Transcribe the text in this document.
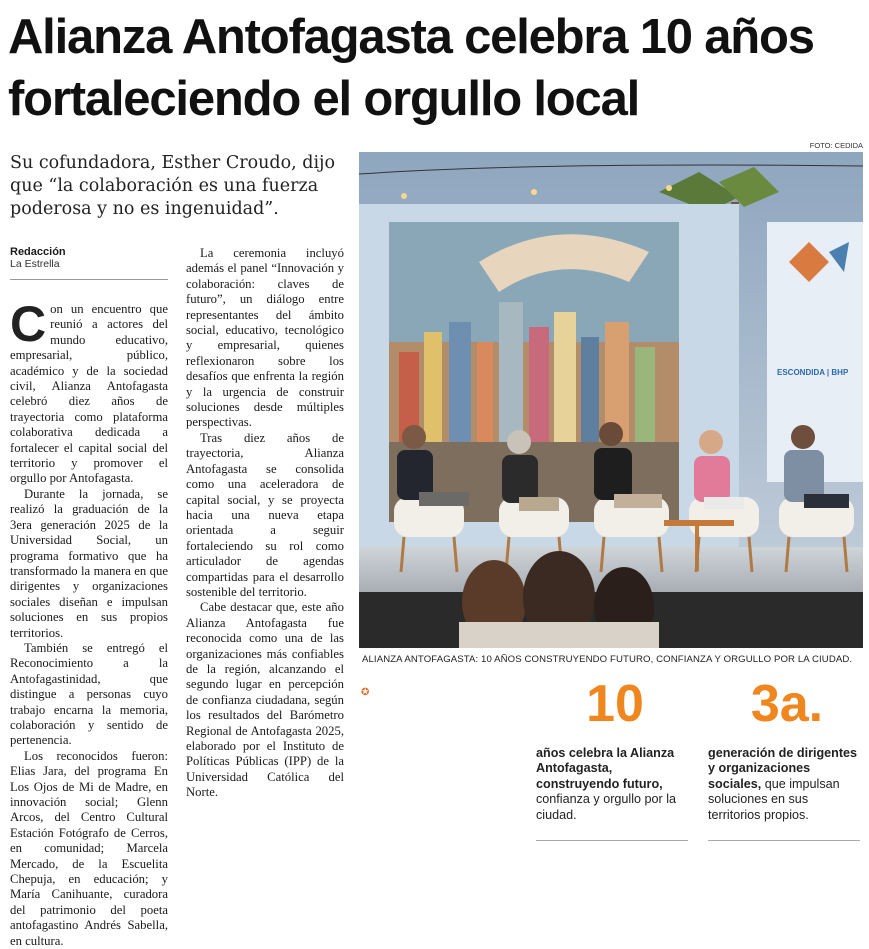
Alianza Antofagasta celebra 10 años fortaleciendo el orgullo local

Su cofundadora, Esther Croudo, dijo que “la colaboración es una fuerza poderosa y no es ingenuidad”.

Redacción
La Estrella

Con un encuentro que reunió a actores del mundo educativo, empresarial, público, académico y de la sociedad civil, Alianza Antofagasta celebró diez años de trayectoria como plataforma colaborativa dedicada a fortalecer el capital social del territorio y promover el orgullo por Antofagasta.

Durante la jornada, se realizó la graduación de la 3era generación 2025 de la Universidad Social, un programa formativo que ha transformado la manera en que dirigentes y organizaciones sociales diseñan e impulsan soluciones en sus propios territorios.

También se entregó el Reconocimiento a la Antofagastinidad, que distingue a personas cuyo trabajo encarna la memoria, colaboración y sentido de pertenencia.

Los reconocidos fueron: Elias Jara, del programa En Los Ojos de Mi de Madre, en innovación social; Glenn Arcos, del Centro Cultural Estación Fotógrafo de Cerros, en comunidad; Marcela Mercado, de la Escuelita Chepuja, en educación; y María Canihuante, curadora del patrimonio del poeta antofagastino Andrés Sabella, en cultura.

La ceremonia incluyó además el panel “Innovación y colaboración: claves de futuro”, un diálogo entre representantes del ámbito social, educativo, tecnológico y empresarial, quienes reflexionaron sobre los desafíos que enfrenta la región y la urgencia de construir soluciones desde múltiples perspectivas.

Tras diez años de trayectoria, Alianza Antofagasta se consolida como una aceleradora de capital social, y se proyecta hacia una nueva etapa orientada a seguir fortaleciendo su rol como articulador de agendas compartidas para el desarrollo sostenible del territorio.

Cabe destacar que, este año Alianza Antofagasta fue reconocida como una de las organizaciones más confiables de la región, alcanzando el segundo lugar en percepción de confianza ciudadana, según los resultados del Barómetro Regional de Antofagasta 2025, elaborado por el Instituto de Políticas Públicas (IPP) de la Universidad Católica del Norte.

✪

FOTO: CEDIDA
ESCONDIDA | BHP
ALIANZA ANTOFAGASTA: 10 AÑOS CONSTRUYENDO FUTURO, CONFIANZA Y ORGULLO POR LA CIUDAD.
10
años celebra la Alianza Antofagasta, construyendo futuro, confianza y orgullo por la ciudad.
3a.
generación de dirigentes y organizaciones sociales, que impulsan soluciones en sus territorios propios.
